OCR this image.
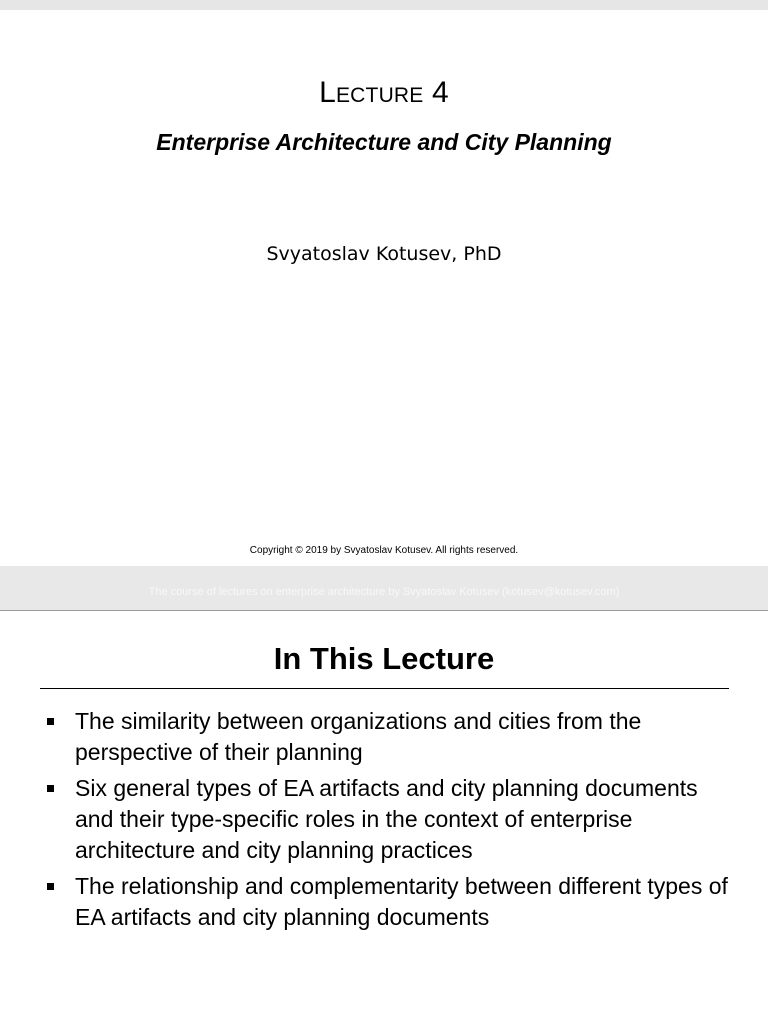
Lecture 4
Enterprise Architecture and City Planning
Svyatoslav Kotusev, PhD
Copyright © 2019 by Svyatoslav Kotusev. All rights reserved.
The course of lectures on enterprise architecture by Svyatoslav Kotusev (kotusev@kotusev.com)
In This Lecture
The similarity between organizations and cities from the perspective of their planning
Six general types of EA artifacts and city planning documents and their type-specific roles in the context of enterprise architecture and city planning practices
The relationship and complementarity between different types of EA artifacts and city planning documents
